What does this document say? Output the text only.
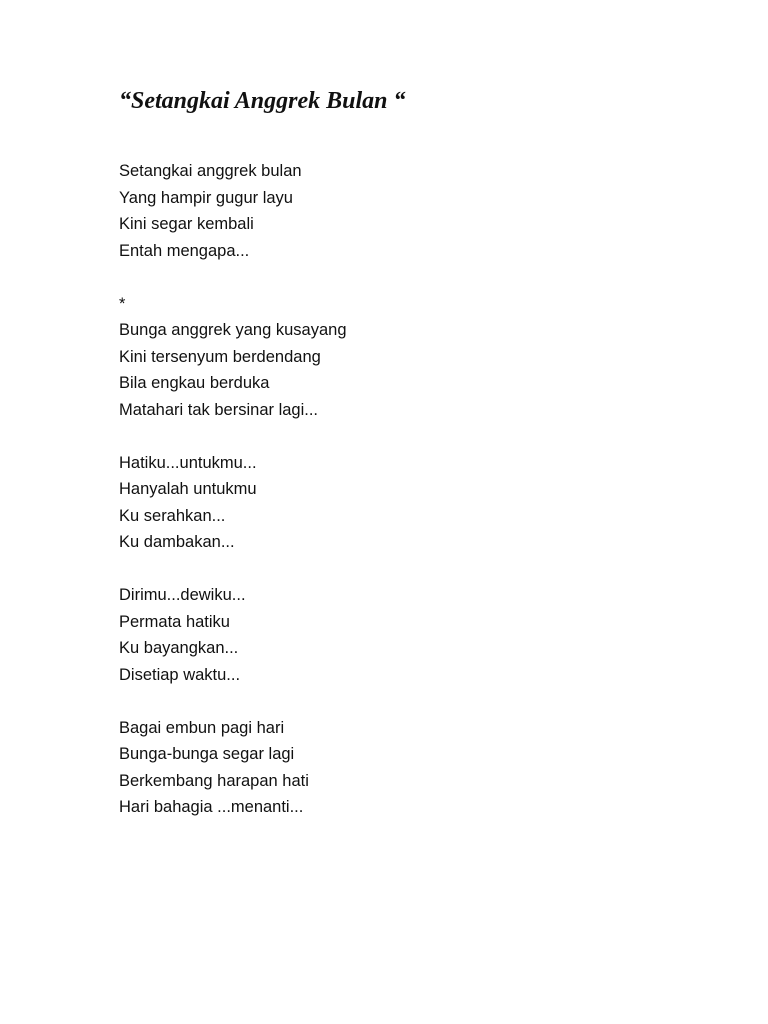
“Setangkai Anggrek Bulan “
Setangkai anggrek bulan
Yang hampir gugur layu
Kini segar kembali
Entah mengapa...
*
Bunga anggrek yang kusayang
Kini tersenyum berdendang
Bila engkau berduka
Matahari tak bersinar lagi...
Hatiku...untukmu...
Hanyalah untukmu
Ku serahkan...
Ku dambakan...
Dirimu...dewiku...
Permata hatiku
Ku bayangkan...
Disetiap waktu...
Bagai embun pagi hari
Bunga-bunga segar lagi
Berkembang harapan hati
Hari bahagia ...menanti...
